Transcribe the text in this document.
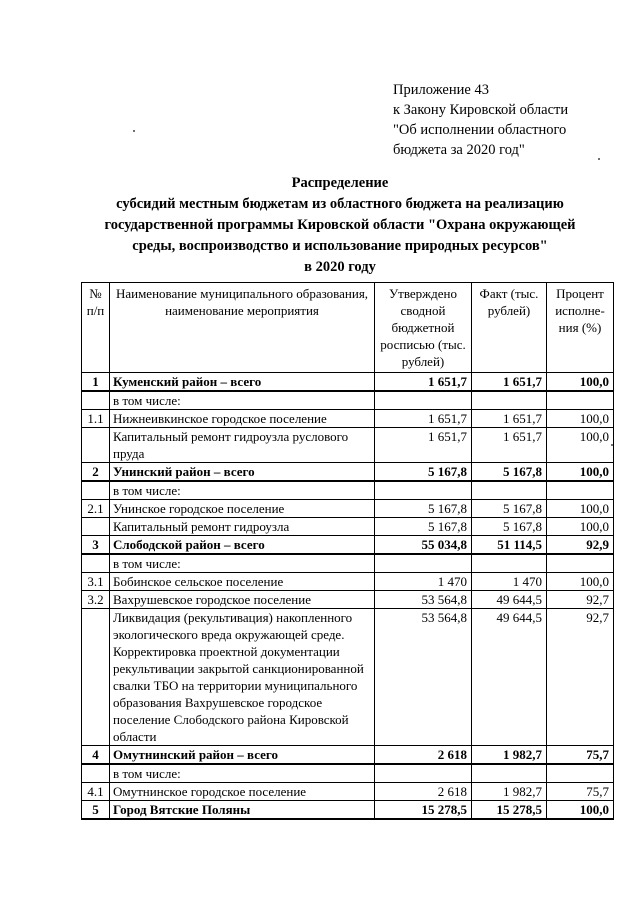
Приложение 43
к Закону Кировской области
"Об исполнении областного
бюджета за 2020 год"
Распределение
субсидий местным бюджетам из областного бюджета на реализацию
государственной программы Кировской области "Охрана окружающей
среды, воспроизводство и использование природных ресурсов"
в 2020 году
№ п/п	Наименование муниципального образования, наименование мероприятия	Утверждено сводной бюджетной росписью (тыс. рублей)	Факт (тыс. рублей)	Процент исполне-ния (%)
1	Куменский район – всего	1 651,7	1 651,7	100,0
	в том числе:			
1.1	Нижнеивкинское городское поселение	1 651,7	1 651,7	100,0
	Капитальный ремонт гидроузла руслового пруда	1 651,7	1 651,7	100,0
2	Унинский район – всего	5 167,8	5 167,8	100,0
	в том числе:			
2.1	Унинское городское поселение	5 167,8	5 167,8	100,0
	Капитальный ремонт гидроузла	5 167,8	5 167,8	100,0
3	Слободской район – всего	55 034,8	51 114,5	92,9
	в том числе:			
3.1	Бобинское сельское поселение	1 470	1 470	100,0
3.2	Вахрушевское городское поселение	53 564,8	49 644,5	92,7
	Ликвидация (рекультивация) накопленного экологического вреда окружающей среде. Корректировка проектной документации рекультивации закрытой санкционированной свалки ТБО на территории муниципального образования Вахрушевское городское поселение Слободского района Кировской области	53 564,8	49 644,5	92,7
4	Омутнинский район – всего	2 618	1 982,7	75,7
	в том числе:			
4.1	Омутнинское городское поселение	2 618	1 982,7	75,7
5	Город Вятские Поляны	15 278,5	15 278,5	100,0
